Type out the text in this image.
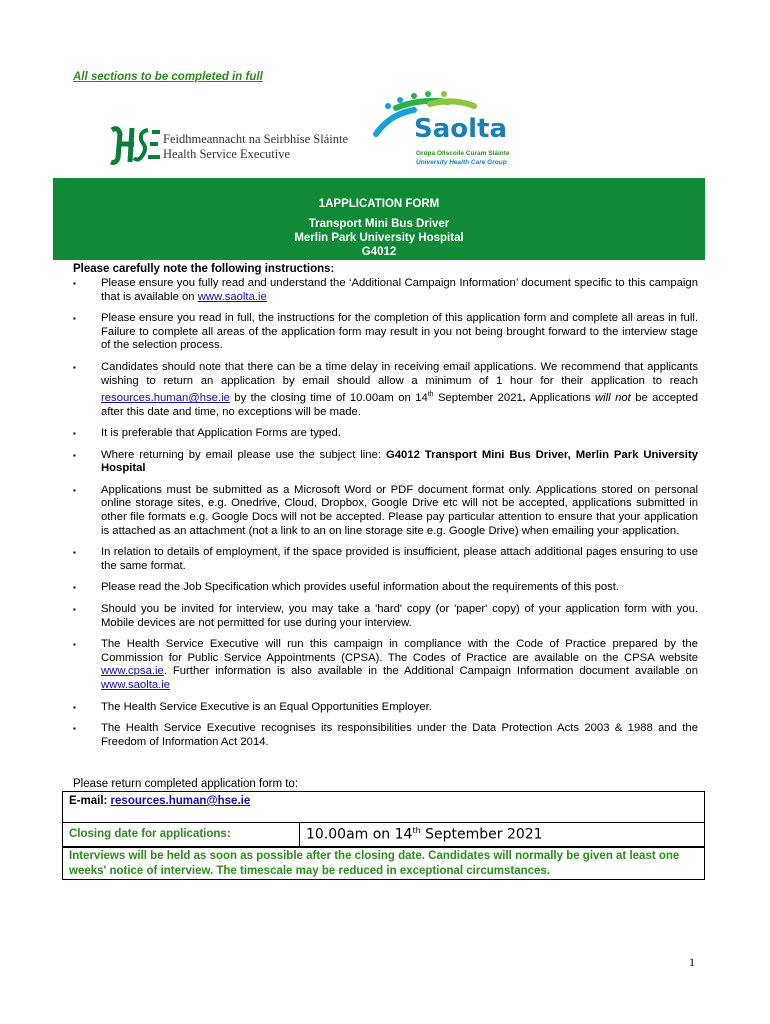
All sections to be completed in full
Feidhmeannacht na Seirbhíse Sláinte
Health Service Executive
Saolta
Grúpa Ollscoile Cúram Sláinte
University Health Care Group
1APPLICATION FORM
Transport Mini Bus Driver
Merlin Park University Hospital
G4012
Please carefully note the following instructions:
▪ Please ensure you fully read and understand the ‘Additional Campaign Information’ document specific to this campaign that is available on www.saolta.ie
▪ Please ensure you read in full, the instructions for the completion of this application form and complete all areas in full. Failure to complete all areas of the application form may result in you not being brought forward to the interview stage of the selection process.
▪ Candidates should note that there can be a time delay in receiving email applications. We recommend that applicants wishing to return an application by email should allow a minimum of 1 hour for their application to reach resources.human@hse.ie by the closing time of 10.00am on 14th September 2021. Applications will not be accepted after this date and time, no exceptions will be made.
▪ It is preferable that Application Forms are typed.
▪ Where returning by email please use the subject line: G4012 Transport Mini Bus Driver, Merlin Park University Hospital
▪ Applications must be submitted as a Microsoft Word or PDF document format only. Applications stored on personal online storage sites, e.g. Onedrive, Cloud, Dropbox, Google Drive etc will not be accepted, applications submitted in other file formats e.g. Google Docs will not be accepted. Please pay particular attention to ensure that your application is attached as an attachment (not a link to an on line storage site e.g. Google Drive) when emailing your application.
▪ In relation to details of employment, if the space provided is insufficient, please attach additional pages ensuring to use the same format.
▪ Please read the Job Specification which provides useful information about the requirements of this post.
▪ Should you be invited for interview, you may take a 'hard' copy (or 'paper' copy) of your application form with you. Mobile devices are not permitted for use during your interview.
▪ The Health Service Executive will run this campaign in compliance with the Code of Practice prepared by the Commission for Public Service Appointments (CPSA). The Codes of Practice are available on the CPSA website www.cpsa.ie. Further information is also available in the Additional Campaign Information document available on www.saolta.ie
▪ The Health Service Executive is an Equal Opportunities Employer.
▪ The Health Service Executive recognises its responsibilities under the Data Protection Acts 2003 & 1988 and the Freedom of Information Act 2014.
Please return completed application form to:
E-mail: resources.human@hse.ie
Closing date for applications:	10.00am on 14th September 2021
Interviews will be held as soon as possible after the closing date. Candidates will normally be given at least one weeks' notice of interview. The timescale may be reduced in exceptional circumstances.
1
